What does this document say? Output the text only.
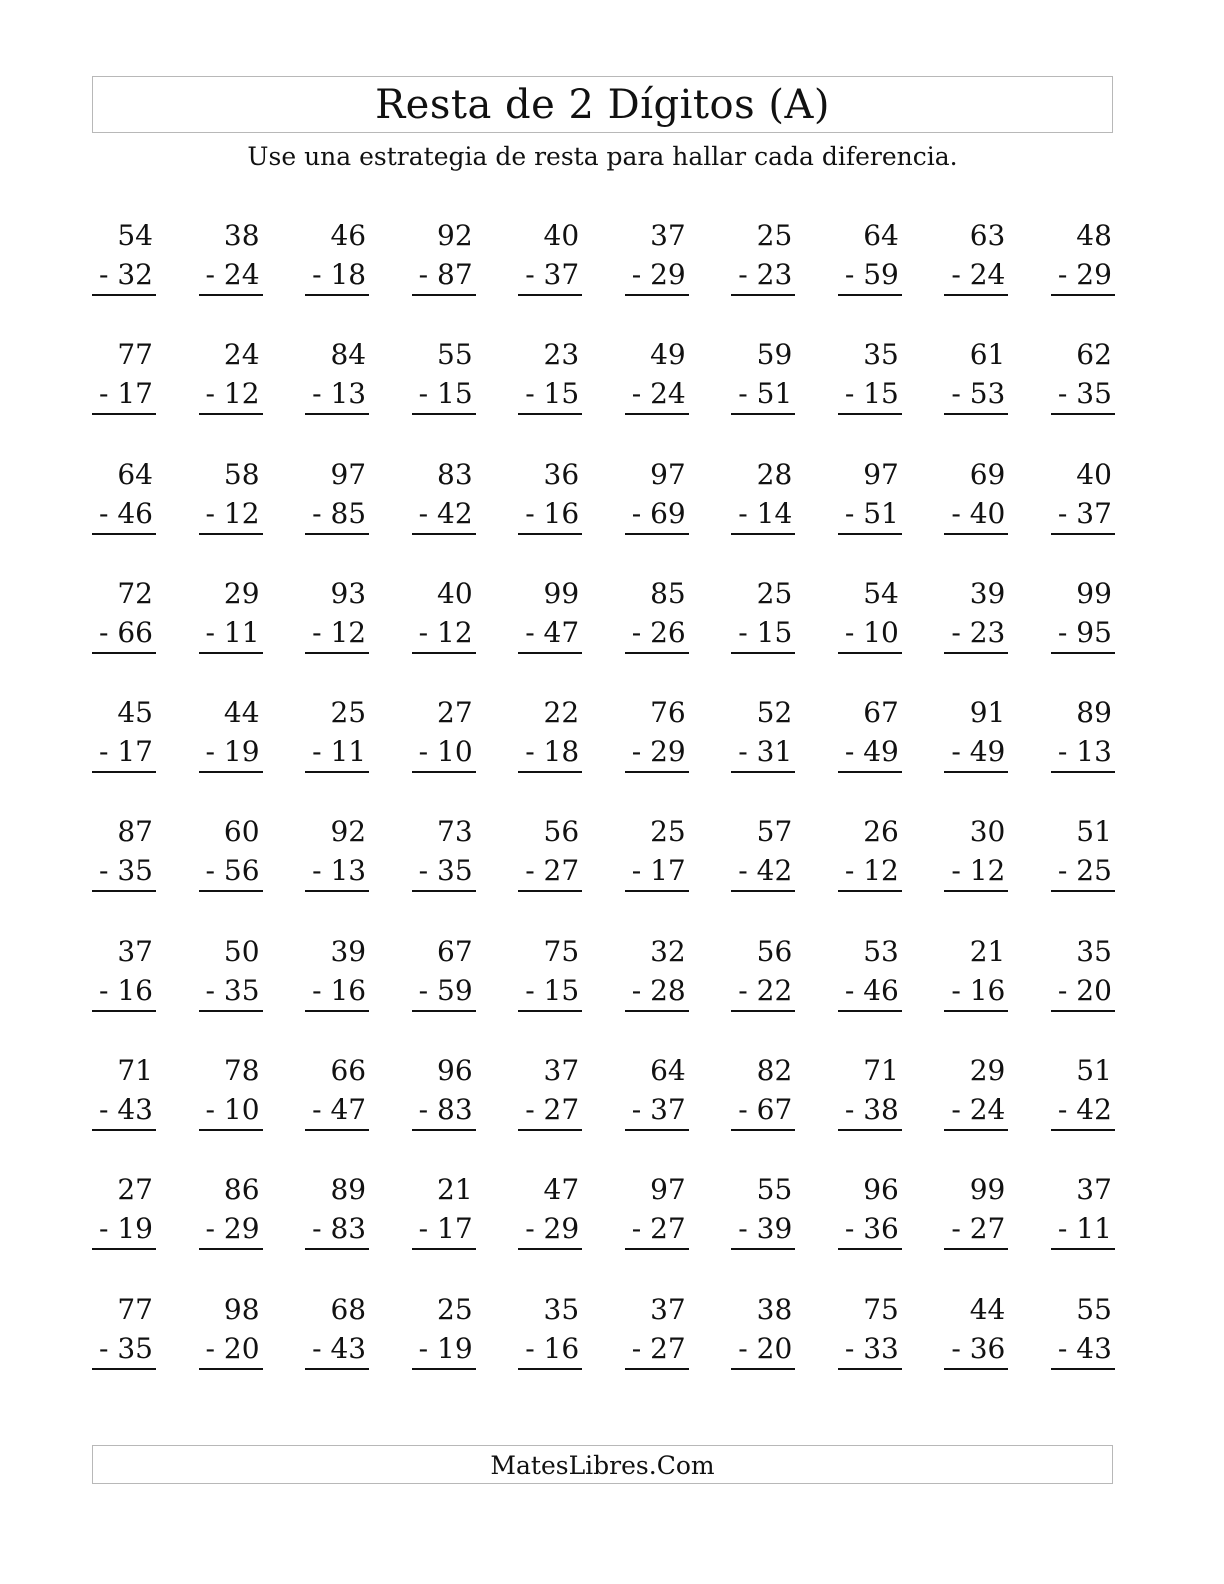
Resta de 2 Dígitos (A)
Use una estrategia de resta para hallar cada diferencia.
54
- 32
38
- 24
46
- 18
92
- 87
40
- 37
37
- 29
25
- 23
64
- 59
63
- 24
48
- 29
77
- 17
24
- 12
84
- 13
55
- 15
23
- 15
49
- 24
59
- 51
35
- 15
61
- 53
62
- 35
64
- 46
58
- 12
97
- 85
83
- 42
36
- 16
97
- 69
28
- 14
97
- 51
69
- 40
40
- 37
72
- 66
29
- 11
93
- 12
40
- 12
99
- 47
85
- 26
25
- 15
54
- 10
39
- 23
99
- 95
45
- 17
44
- 19
25
- 11
27
- 10
22
- 18
76
- 29
52
- 31
67
- 49
91
- 49
89
- 13
87
- 35
60
- 56
92
- 13
73
- 35
56
- 27
25
- 17
57
- 42
26
- 12
30
- 12
51
- 25
37
- 16
50
- 35
39
- 16
67
- 59
75
- 15
32
- 28
56
- 22
53
- 46
21
- 16
35
- 20
71
- 43
78
- 10
66
- 47
96
- 83
37
- 27
64
- 37
82
- 67
71
- 38
29
- 24
51
- 42
27
- 19
86
- 29
89
- 83
21
- 17
47
- 29
97
- 27
55
- 39
96
- 36
99
- 27
37
- 11
77
- 35
98
- 20
68
- 43
25
- 19
35
- 16
37
- 27
38
- 20
75
- 33
44
- 36
55
- 43
MatesLibres.Com
